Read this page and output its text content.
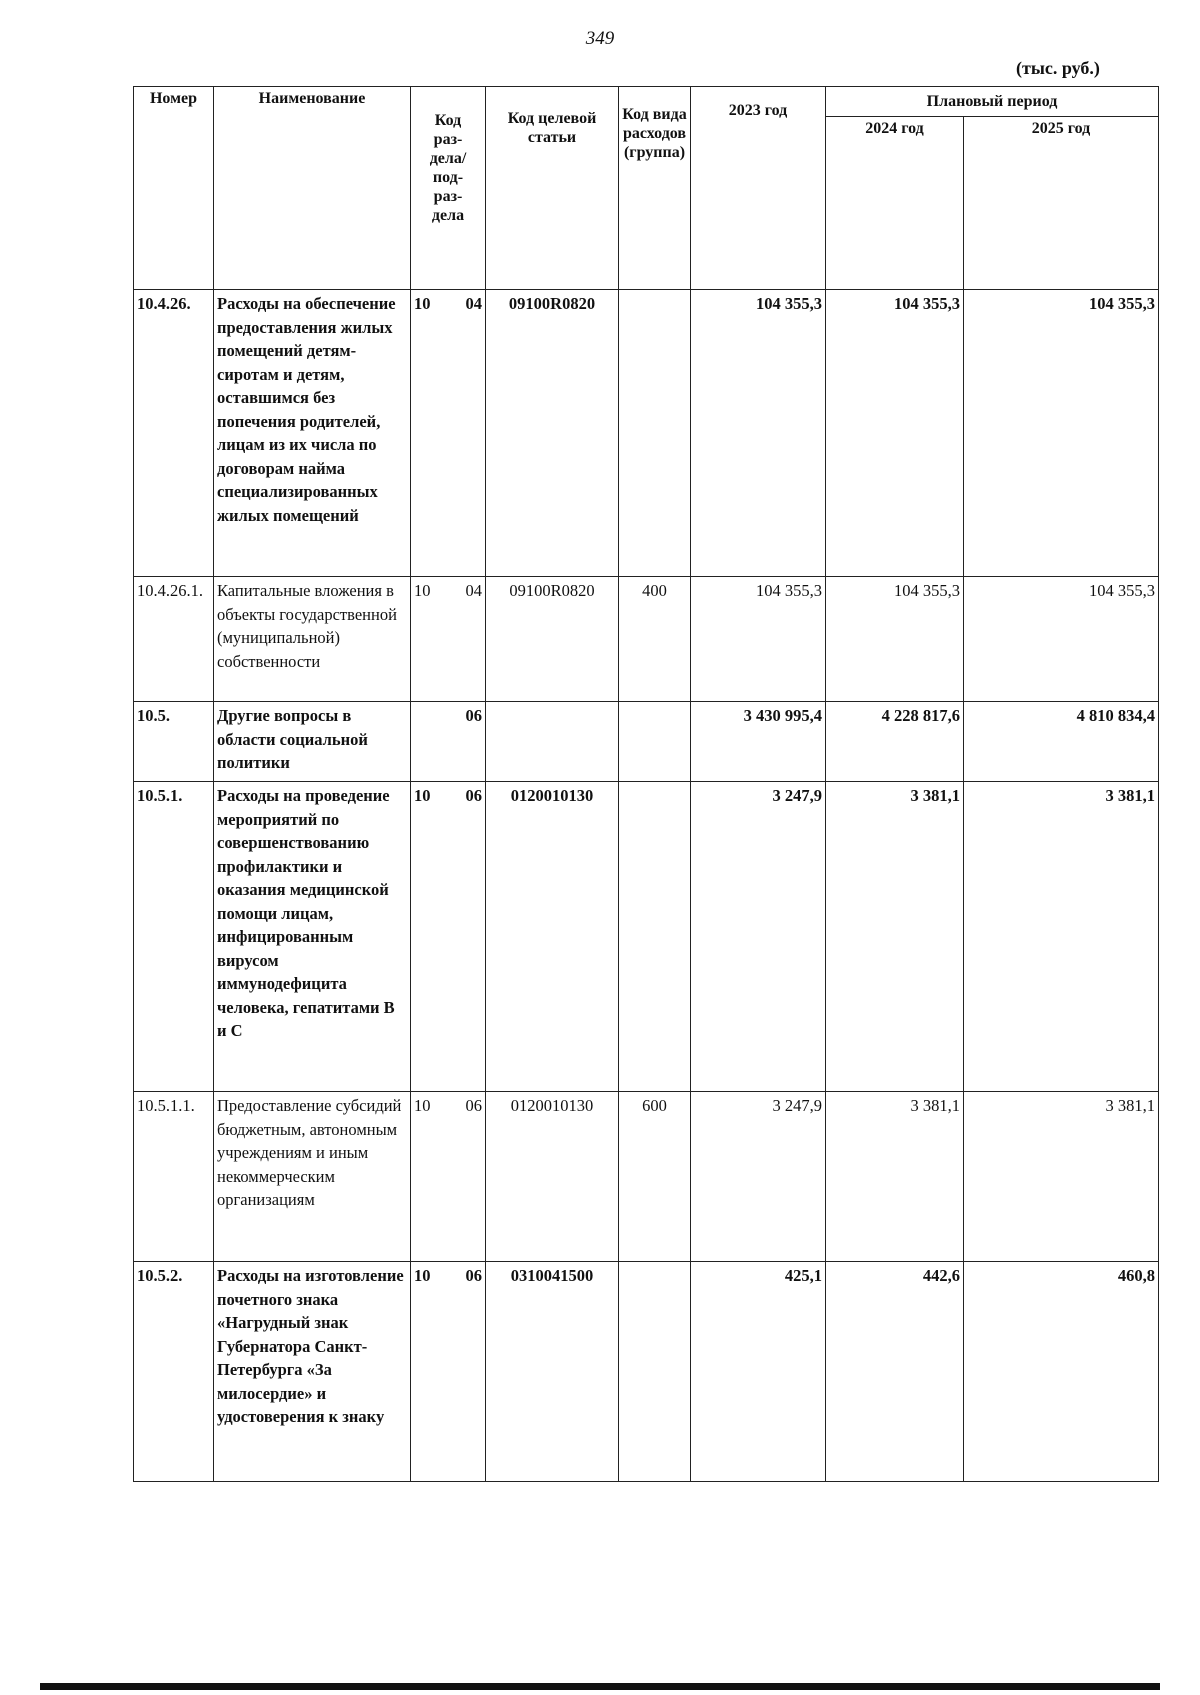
349
(тыс. руб.)
Номер	Наименование	Код раз-дела/ под-раз-дела	Код целевой статьи	Код вида расходов (группа)	2023 год	Плановый период	
						2024 год	2025 год
10.4.26.	Расходы на обеспечение предоставления жилых помещений детям-сиротам и детям, оставшимся без попечения родителей, лицам из их числа по договорам найма специализированных жилых помещений	10 04	09100R0820		104 355,3	104 355,3	104 355,3
10.4.26.1.	Капитальные вложения в объекты государственной (муниципальной) собственности	10 04	09100R0820	400	104 355,3	104 355,3	104 355,3
10.5.	Другие вопросы в области социальной политики	06			3 430 995,4	4 228 817,6	4 810 834,4
10.5.1.	Расходы на проведение мероприятий по совершенствованию профилактики и оказания медицинской помощи лицам, инфицированным вирусом иммунодефицита человека, гепатитами В и С	10 06	0120010130		3 247,9	3 381,1	3 381,1
10.5.1.1.	Предоставление субсидий бюджетным, автономным учреждениям и иным некоммерческим организациям	10 06	0120010130	600	3 247,9	3 381,1	3 381,1
10.5.2.	Расходы на изготовление почетного знака «Нагрудный знак Губернатора Санкт-Петербурга «За милосердие» и удостоверения к знаку	10 06	0310041500		425,1	442,6	460,8
